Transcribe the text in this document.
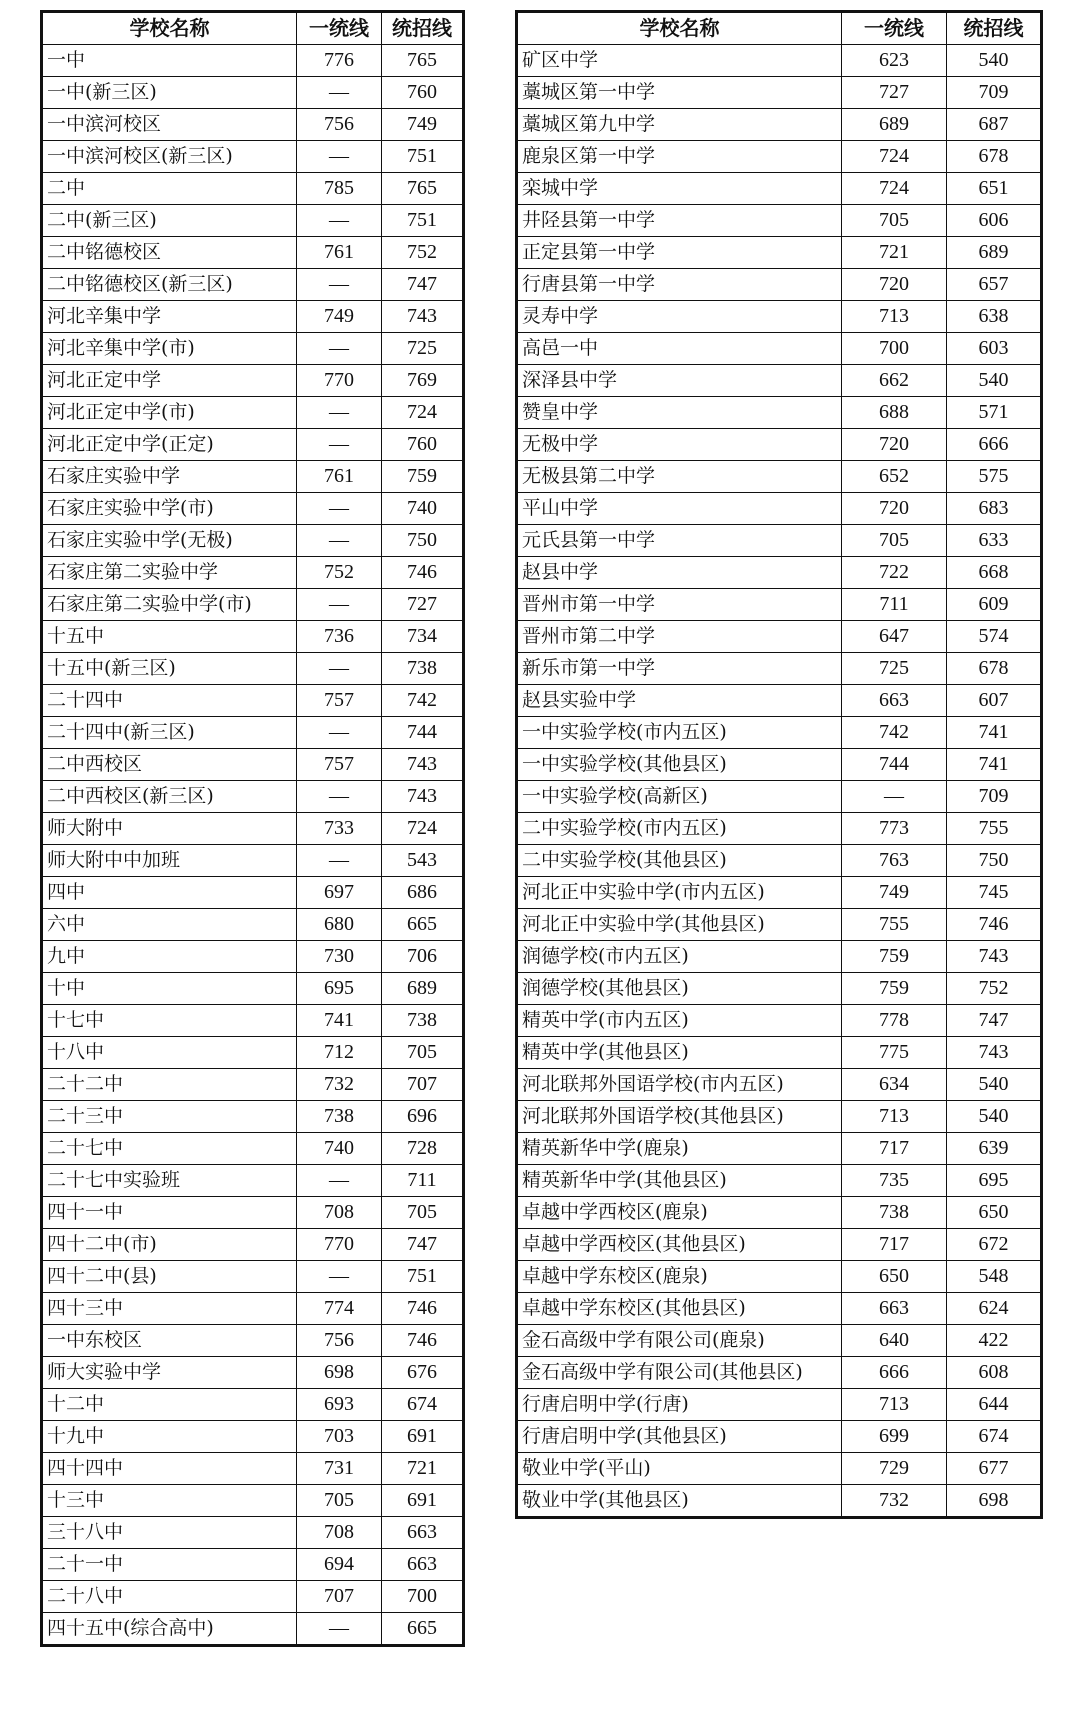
学校名称	一统线	统招线
一中	776	765
一中(新三区)	—	760
一中滨河校区	756	749
一中滨河校区(新三区)	—	751
二中	785	765
二中(新三区)	—	751
二中铭德校区	761	752
二中铭德校区(新三区)	—	747
河北辛集中学	749	743
河北辛集中学(市)	—	725
河北正定中学	770	769
河北正定中学(市)	—	724
河北正定中学(正定)	—	760
石家庄实验中学	761	759
石家庄实验中学(市)	—	740
石家庄实验中学(无极)	—	750
石家庄第二实验中学	752	746
石家庄第二实验中学(市)	—	727
十五中	736	734
十五中(新三区)	—	738
二十四中	757	742
二十四中(新三区)	—	744
二中西校区	757	743
二中西校区(新三区)	—	743
师大附中	733	724
师大附中中加班	—	543
四中	697	686
六中	680	665
九中	730	706
十中	695	689
十七中	741	738
十八中	712	705
二十二中	732	707
二十三中	738	696
二十七中	740	728
二十七中实验班	—	711
四十一中	708	705
四十二中(市)	770	747
四十二中(县)	—	751
四十三中	774	746
一中东校区	756	746
师大实验中学	698	676
十二中	693	674
十九中	703	691
四十四中	731	721
十三中	705	691
三十八中	708	663
二十一中	694	663
二十八中	707	700
四十五中(综合高中)	—	665
学校名称	一统线	统招线
矿区中学	623	540
藁城区第一中学	727	709
藁城区第九中学	689	687
鹿泉区第一中学	724	678
栾城中学	724	651
井陉县第一中学	705	606
正定县第一中学	721	689
行唐县第一中学	720	657
灵寿中学	713	638
高邑一中	700	603
深泽县中学	662	540
赞皇中学	688	571
无极中学	720	666
无极县第二中学	652	575
平山中学	720	683
元氏县第一中学	705	633
赵县中学	722	668
晋州市第一中学	711	609
晋州市第二中学	647	574
新乐市第一中学	725	678
赵县实验中学	663	607
一中实验学校(市内五区)	742	741
一中实验学校(其他县区)	744	741
一中实验学校(高新区)	—	709
二中实验学校(市内五区)	773	755
二中实验学校(其他县区)	763	750
河北正中实验中学(市内五区)	749	745
河北正中实验中学(其他县区)	755	746
润德学校(市内五区)	759	743
润德学校(其他县区)	759	752
精英中学(市内五区)	778	747
精英中学(其他县区)	775	743
河北联邦外国语学校(市内五区)	634	540
河北联邦外国语学校(其他县区)	713	540
精英新华中学(鹿泉)	717	639
精英新华中学(其他县区)	735	695
卓越中学西校区(鹿泉)	738	650
卓越中学西校区(其他县区)	717	672
卓越中学东校区(鹿泉)	650	548
卓越中学东校区(其他县区)	663	624
金石高级中学有限公司(鹿泉)	640	422
金石高级中学有限公司(其他县区)	666	608
行唐启明中学(行唐)	713	644
行唐启明中学(其他县区)	699	674
敬业中学(平山)	729	677
敬业中学(其他县区)	732	698
